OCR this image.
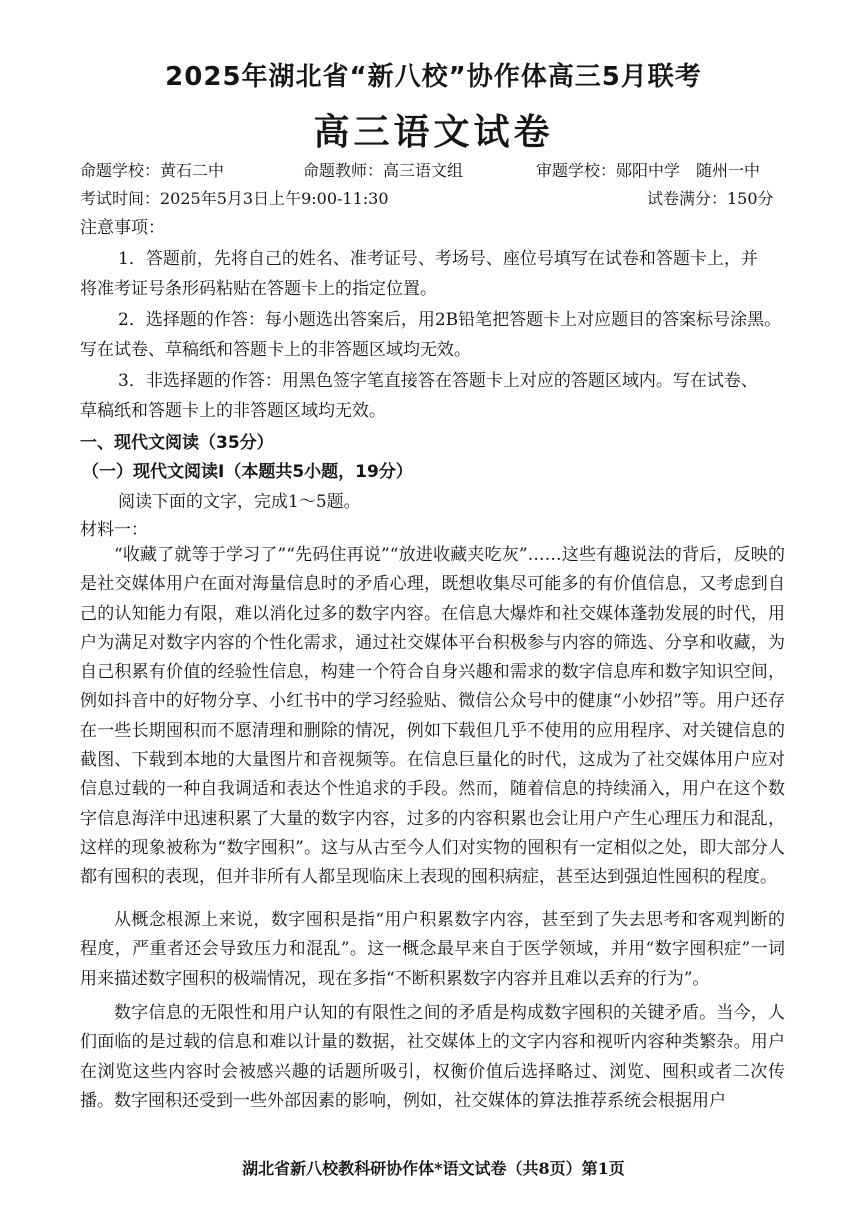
2025年湖北省“新八校”协作体高三5月联考
高三语文试卷
命题学校：黄石二中	命题教师：高三语文组	审题学校：郧阳中学　随州一中
考试时间：2025年5月3日上午9:00-11:30	试卷满分：150分
注意事项：
1．答题前，先将自己的姓名、准考证号、考场号、座位号填写在试卷和答题卡上，并
将准考证号条形码粘贴在答题卡上的指定位置。
2．选择题的作答：每小题选出答案后，用2B铅笔把答题卡上对应题目的答案标号涂黑。
写在试卷、草稿纸和答题卡上的非答题区域均无效。
3．非选择题的作答：用黑色签字笔直接答在答题卡上对应的答题区域内。写在试卷、
草稿纸和答题卡上的非答题区域均无效。
一、现代文阅读（35分）
（一）现代文阅读Ⅰ（本题共5小题，19分）
阅读下面的文字，完成1～5题。
材料一：
“收藏了就等于学习了”“先码住再说”“放进收藏夹吃灰”……这些有趣说法的背后，反映的是社交媒体用户在面对海量信息时的矛盾心理，既想收集尽可能多的有价值信息，又考虑到自己的认知能力有限，难以消化过多的数字内容。在信息大爆炸和社交媒体蓬勃发展的时代，用户为满足对数字内容的个性化需求，通过社交媒体平台积极参与内容的筛选、分享和收藏，为自己积累有价值的经验性信息，构建一个符合自身兴趣和需求的数字信息库和数字知识空间，例如抖音中的好物分享、小红书中的学习经验贴、微信公众号中的健康“小妙招”等。用户还存在一些长期囤积而不愿清理和删除的情况，例如下载但几乎不使用的应用程序、对关键信息的截图、下载到本地的大量图片和音视频等。在信息巨量化的时代，这成为了社交媒体用户应对信息过载的一种自我调适和表达个性追求的手段。然而，随着信息的持续涌入，用户在这个数字信息海洋中迅速积累了大量的数字内容，过多的内容积累也会让用户产生心理压力和混乱，这样的现象被称为“数字囤积”。这与从古至今人们对实物的囤积有一定相似之处，即大部分人都有囤积的表现，但并非所有人都呈现临床上表现的囤积病症，甚至达到强迫性囤积的程度。
从概念根源上来说，数字囤积是指“用户积累数字内容，甚至到了失去思考和客观判断的程度，严重者还会导致压力和混乱”。这一概念最早来自于医学领域，并用“数字囤积症”一词用来描述数字囤积的极端情况，现在多指“不断积累数字内容并且难以丢弃的行为”。
数字信息的无限性和用户认知的有限性之间的矛盾是构成数字囤积的关键矛盾。当今，人们面临的是过载的信息和难以计量的数据，社交媒体上的文字内容和视听内容种类繁杂。用户在浏览这些内容时会被感兴趣的话题所吸引，权衡价值后选择略过、浏览、囤积或者二次传播。数字囤积还受到一些外部因素的影响，例如，社交媒体的算法推荐系统会根据用户
湖北省新八校教科研协作体*语文试卷（共8页）第1页
